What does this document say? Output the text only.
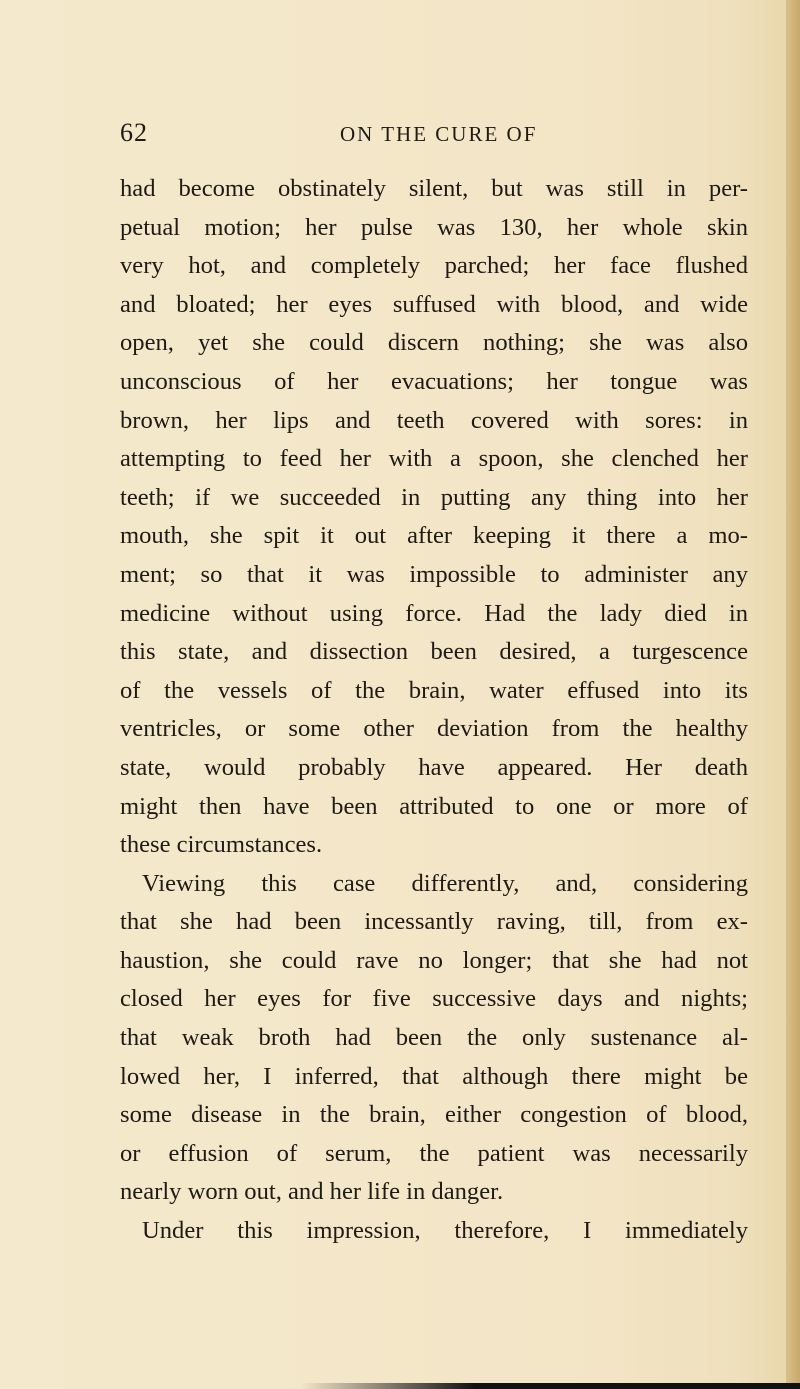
62	ON THE CURE OF
had become obstinately silent, but was still in per-
petual motion; her pulse was 130, her whole skin
very hot, and completely parched; her face flushed
and bloated; her eyes suffused with blood, and wide
open, yet she could discern nothing; she was also
unconscious of her evacuations; her tongue was
brown, her lips and teeth covered with sores: in
attempting to feed her with a spoon, she clenched her
teeth; if we succeeded in putting any thing into her
mouth, she spit it out after keeping it there a mo-
ment; so that it was impossible to administer any
medicine without using force. Had the lady died in
this state, and dissection been desired, a turgescence
of the vessels of the brain, water effused into its
ventricles, or some other deviation from the healthy
state, would probably have appeared. Her death
might then have been attributed to one or more of
these circumstances.
Viewing this case differently, and, considering
that she had been incessantly raving, till, from ex-
haustion, she could rave no longer; that she had not
closed her eyes for five successive days and nights;
that weak broth had been the only sustenance al-
lowed her, I inferred, that although there might be
some disease in the brain, either congestion of blood,
or effusion of serum, the patient was necessarily
nearly worn out, and her life in danger.
Under this impression, therefore, I immediately
